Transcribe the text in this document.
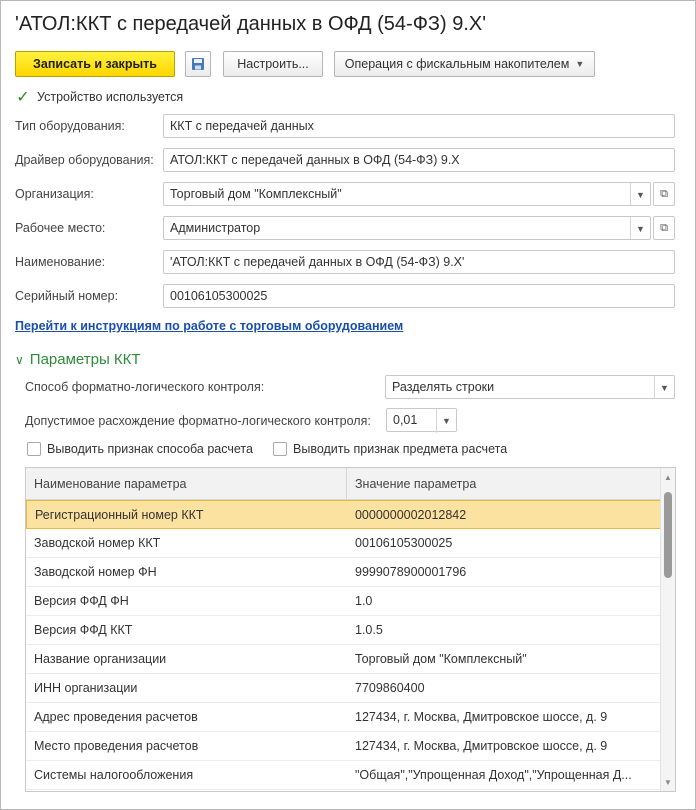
'АТОЛ:ККТ с передачей данных в ОФД (54-ФЗ) 9.X'
Записать и закрыть	Настроить...	Операция с фискальным накопителем ▼
✓ Устройство используется
Тип оборудования:	ККТ с передачей данных
Драйвер оборудования:	АТОЛ:ККТ с передачей данных в ОФД (54-ФЗ) 9.X
Организация:	Торговый дом "Комплексный"	▼	⧉
Рабочее место:	Администратор	▼	⧉
Наименование:	'АТОЛ:ККТ с передачей данных в ОФД (54-ФЗ) 9.X'
Серийный номер:	00106105300025
Перейти к инструкциям по работе с торговым оборудованием
∨ Параметры ККТ
Способ форматно-логического контроля:	Разделять строки	▼
Допустимое расхождение форматно-логического контроля: 0,01	▼
Выводить признак способа расчета	Выводить признак предмета расчета
Наименование параметра	Значение параметра
Регистрационный номер ККТ	0000000002012842
Заводской номер ККТ	00106105300025
Заводской номер ФН	9999078900001796
Версия ФФД ФН	1.0
Версия ФФД ККТ	1.0.5
Название организации	Торговый дом "Комплексный"
ИНН организации	7709860400
Адрес проведения расчетов	127434, г. Москва, Дмитровское шоссе, д. 9
Место проведения расчетов	127434, г. Москва, Дмитровское шоссе, д. 9
Системы налогообложения	"Общая","Упрощенная Доход","Упрощенная Д...
▲
▼
